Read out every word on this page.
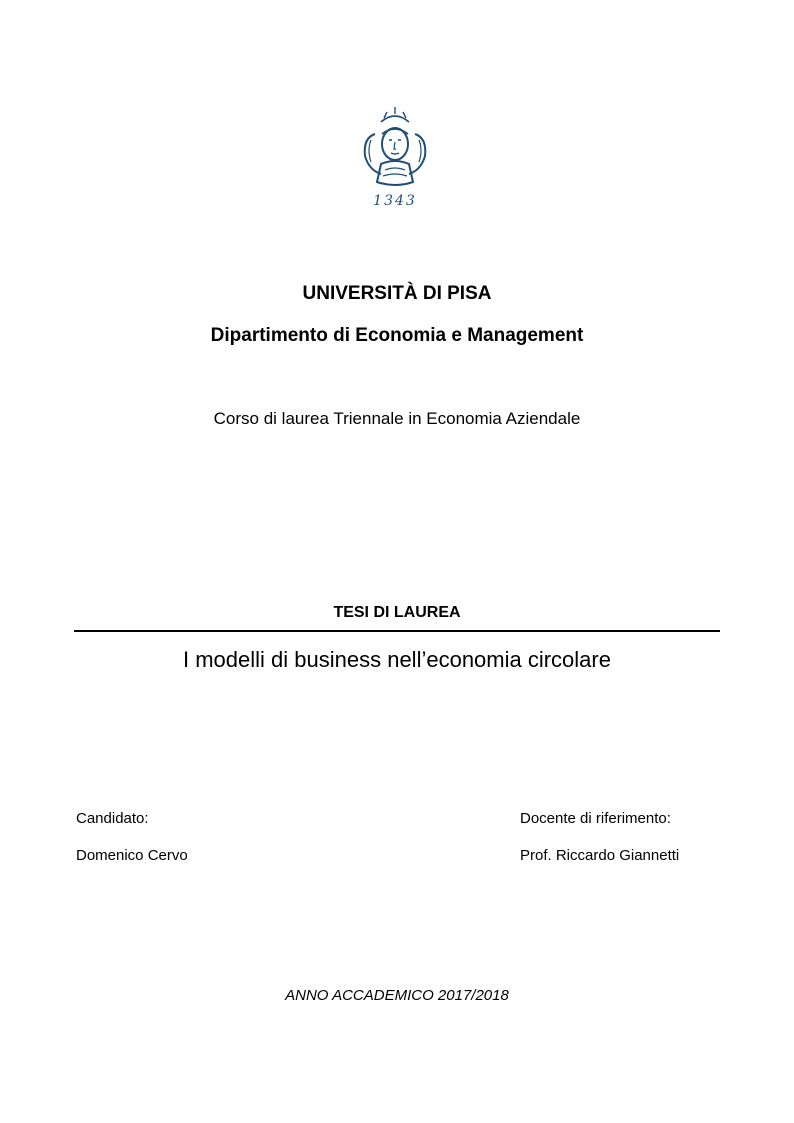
1343
UNIVERSITÀ DI PISA
Dipartimento di Economia e Management
Corso di laurea Triennale in Economia Aziendale
TESI DI LAUREA
I modelli di business nell’economia circolare
Candidato:
Domenico Cervo
Docente di riferimento:
Prof. Riccardo Giannetti
ANNO ACCADEMICO 2017/2018
